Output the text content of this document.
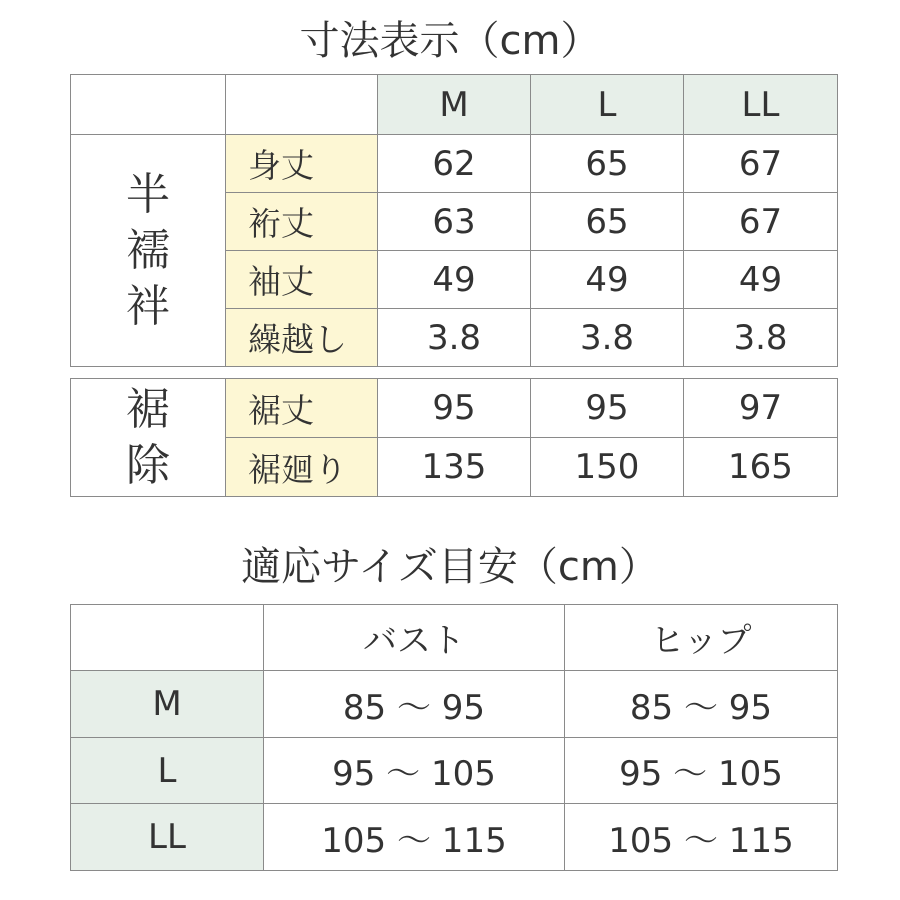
寸法表示（cm）
		M	L	LL

半
襦
袢	身丈	62	65	67
	裄丈	63	65	67
	袖丈	49	49	49
	繰越し	3.8	3.8	3.8
裾
除	裾丈	95	95	97
	裾廻り	135	150	165
適応サイズ目安（cm）
	バスト	ヒップ
M	85 〜 95	85 〜 95
L	95 〜 105	95 〜 105
LL	105 〜 115	105 〜 115
